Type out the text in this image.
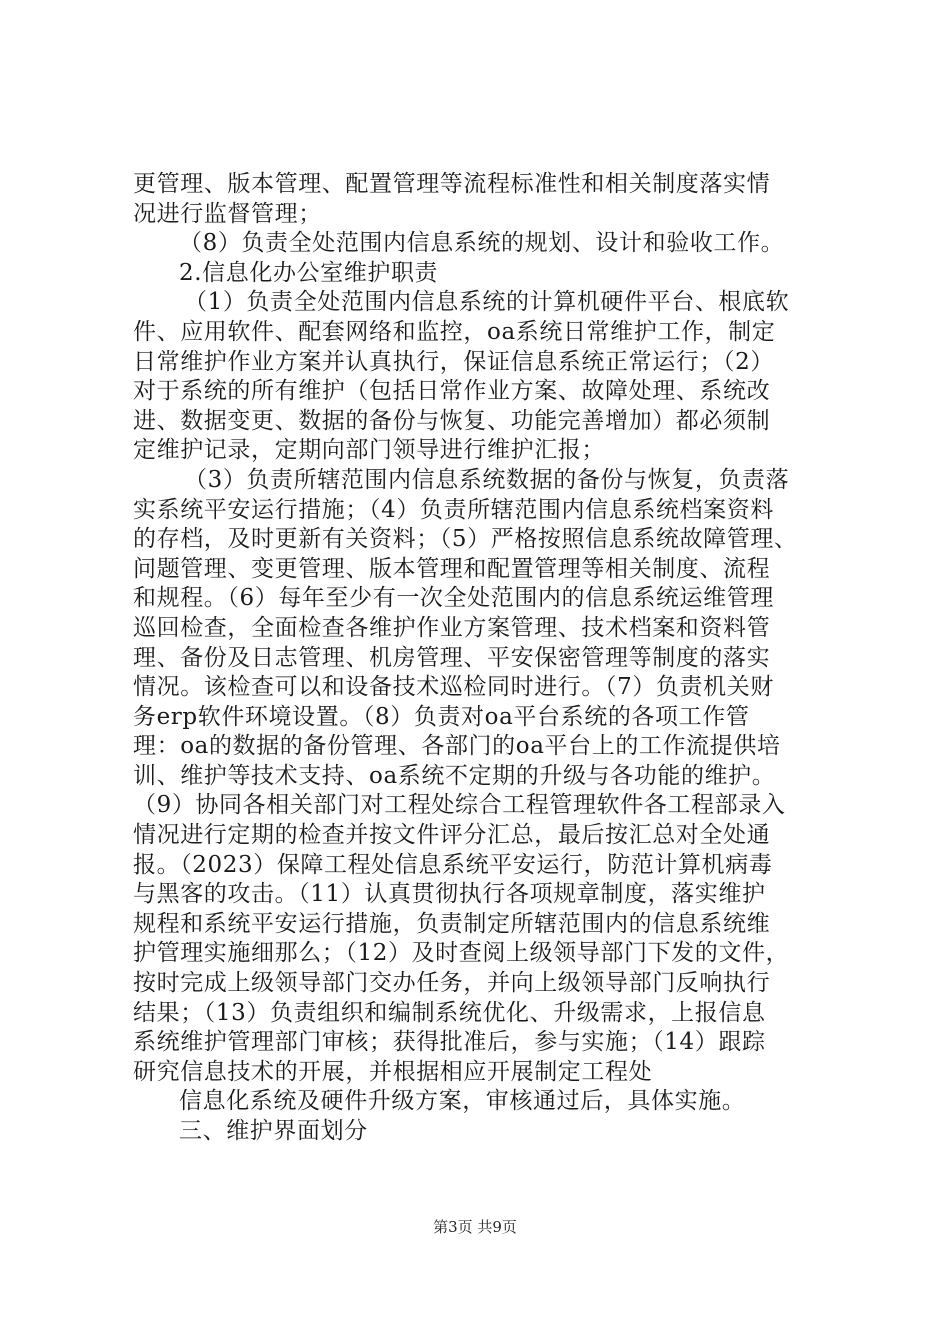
更管理、版本管理、配置管理等流程标准性和相关制度落实情
况进行监督管理；
（8）负责全处范围内信息系统的规划、设计和验收工作。
2.信息化办公室维护职责
（1）负责全处范围内信息系统的计算机硬件平台、根底软
件、应用软件、配套网络和监控，oa系统日常维护工作，制定
日常维护作业方案并认真执行，保证信息系统正常运行；（2）
对于系统的所有维护（包括日常作业方案、故障处理、系统改
进、数据变更、数据的备份与恢复、功能完善增加）都必须制
定维护记录，定期向部门领导进行维护汇报；
（3）负责所辖范围内信息系统数据的备份与恢复，负责落
实系统平安运行措施；（4）负责所辖范围内信息系统档案资料
的存档，及时更新有关资料；（5）严格按照信息系统故障管理、
问题管理、变更管理、版本管理和配置管理等相关制度、流程
和规程。（6）每年至少有一次全处范围内的信息系统运维管理
巡回检查，全面检查各维护作业方案管理、技术档案和资料管
理、备份及日志管理、机房管理、平安保密管理等制度的落实
情况。该检查可以和设备技术巡检同时进行。（7）负责机关财
务erp软件环境设置。（8）负责对oa平台系统的各项工作管
理：oa的数据的备份管理、各部门的oa平台上的工作流提供培
训、维护等技术支持、oa系统不定期的升级与各功能的维护。
（9）协同各相关部门对工程处综合工程管理软件各工程部录入
情况进行定期的检查并按文件评分汇总，最后按汇总对全处通
报。（2023）保障工程处信息系统平安运行，防范计算机病毒
与黑客的攻击。（11）认真贯彻执行各项规章制度，落实维护
规程和系统平安运行措施，负责制定所辖范围内的信息系统维
护管理实施细那么；（12）及时查阅上级领导部门下发的文件，
按时完成上级领导部门交办任务，并向上级领导部门反响执行
结果；（13）负责组织和编制系统优化、升级需求，上报信息
系统维护管理部门审核；获得批准后，参与实施；（14）跟踪
研究信息技术的开展，并根据相应开展制定工程处
信息化系统及硬件升级方案，审核通过后，具体实施。
三、维护界面划分
第3页 共9页
